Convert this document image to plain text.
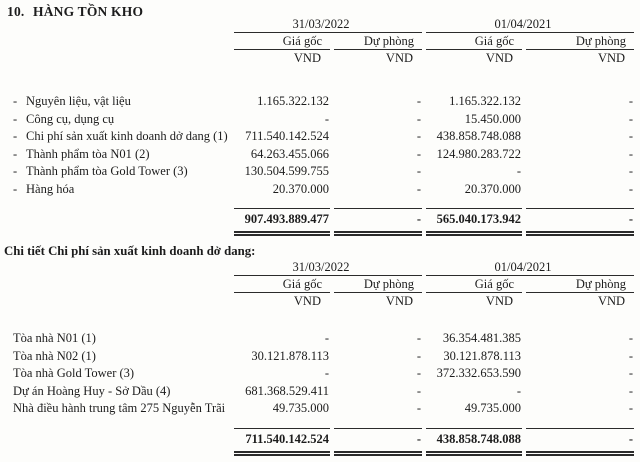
10. HÀNG TỒN KHO
	31/03/2022		01/04/2021	
	Giá gốc	Dự phòng	Giá gốc	Dự phòng
	VND	VND	VND	VND

- Nguyên liệu, vật liệu	1.165.322.132	-	1.165.322.132	-
- Công cụ, dụng cụ	-	-	15.450.000	-
- Chi phí sản xuất kinh doanh dở dang (1)	711.540.142.524	-	438.858.748.088	-
- Thành phẩm tòa N01 (2)	64.263.455.066	-	124.980.283.722	-
- Thành phẩm tòa Gold Tower (3)	130.504.599.755	-	-	-
- Hàng hóa	20.370.000	-	20.370.000	-

	907.493.889.477	-	565.040.173.942	-
Chi tiết Chi phí sản xuất kinh doanh dở dang:
	31/03/2022		01/04/2021	
	Giá gốc	Dự phòng	Giá gốc	Dự phòng
	VND	VND	VND	VND

Tòa nhà N01 (1)	-	-	36.354.481.385	-
Tòa nhà N02 (1)	30.121.878.113	-	30.121.878.113	-
Tòa nhà Gold Tower (3)	-	-	372.332.653.590	-
Dự án Hoàng Huy - Sở Dầu (4)	681.368.529.411	-	-	-
Nhà điều hành trung tâm 275 Nguyễn Trãi	49.735.000	-	49.735.000	-

	711.540.142.524	-	438.858.748.088	-
